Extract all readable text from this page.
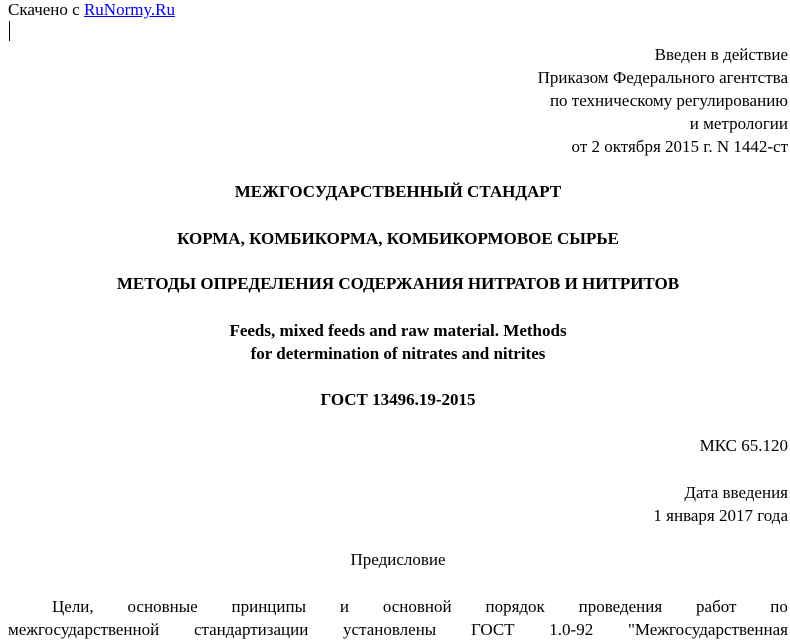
Скачено с RuNormy.Ru
Введен в действие
Приказом Федерального агентства
по техническому регулированию
и метрологии
от 2 октября 2015 г. N 1442-ст
МЕЖГОСУДАРСТВЕННЫЙ СТАНДАРТ
КОРМА, КОМБИКОРМА, КОМБИКОРМОВОЕ СЫРЬЕ
МЕТОДЫ ОПРЕДЕЛЕНИЯ СОДЕРЖАНИЯ НИТРАТОВ И НИТРИТОВ
Feeds, mixed feeds and raw material. Methods
for determination of nitrates and nitrites
ГОСТ 13496.19-2015
МКС 65.120
Дата введения
1 января 2017 года
Предисловие
Цели, основные принципы и основной порядок проведения работ по
межгосударственной стандартизации установлены ГОСТ 1.0-92 "Межгосударственная
